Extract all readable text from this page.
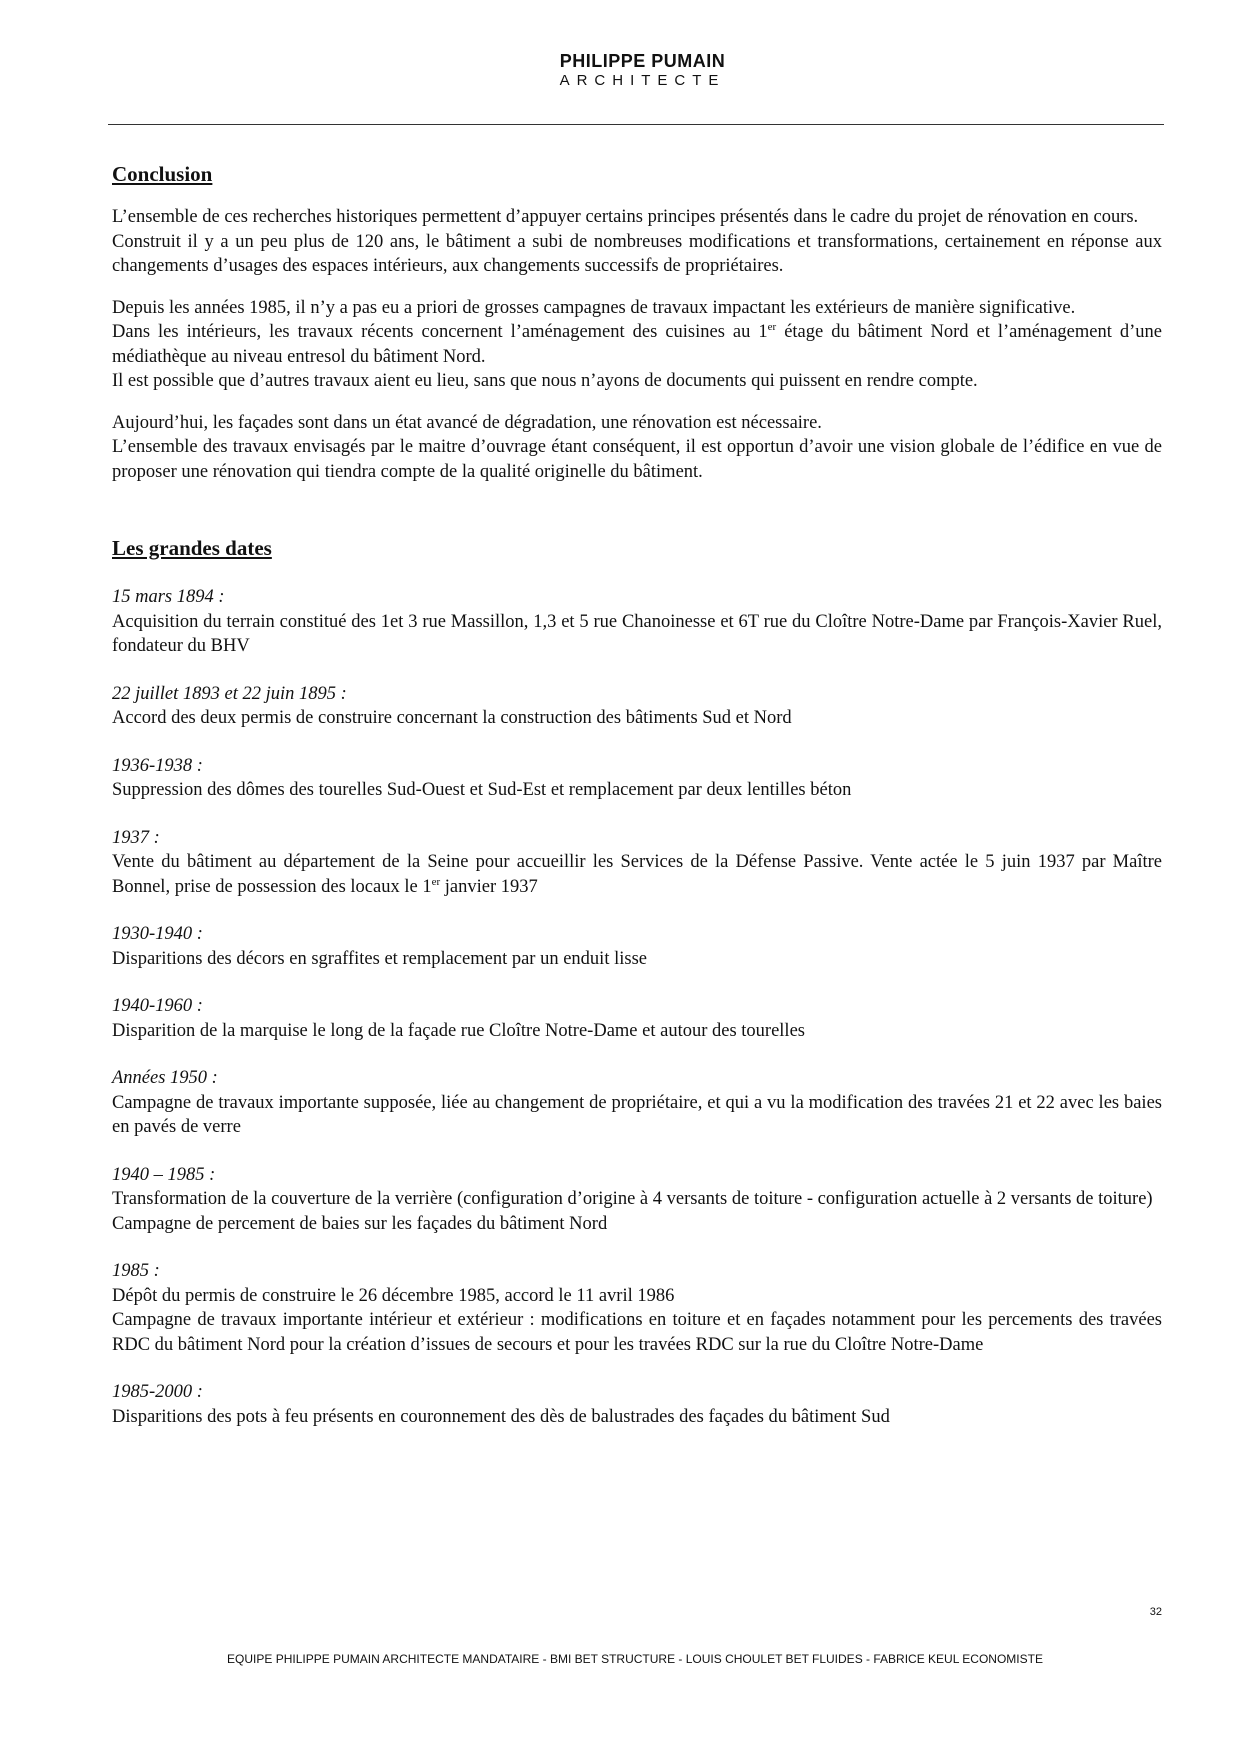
PHILIPPE PUMAIN
ARCHITECTE
Conclusion

L’ensemble de ces recherches historiques permettent d’appuyer certains principes présentés dans le cadre du projet de rénovation en cours.

Construit il y a un peu plus de 120 ans, le bâtiment a subi de nombreuses modifications et transformations, certainement en réponse aux changements d’usages des espaces intérieurs, aux changements successifs de propriétaires.

Depuis les années 1985, il n’y a pas eu a priori de grosses campagnes de travaux impactant les extérieurs de manière significative.

Dans les intérieurs, les travaux récents concernent l’aménagement des cuisines au 1er étage du bâtiment Nord et l’aménagement d’une médiathèque au niveau entresol du bâtiment Nord.

Il est possible que d’autres travaux aient eu lieu, sans que nous n’ayons de documents qui puissent en rendre compte.

Aujourd’hui, les façades sont dans un état avancé de dégradation, une rénovation est nécessaire.

L’ensemble des travaux envisagés par le maitre d’ouvrage étant conséquent, il est opportun d’avoir une vision globale de l’édifice en vue de proposer une rénovation qui tiendra compte de la qualité originelle du bâtiment.

Les grandes dates

15 mars 1894 :

Acquisition du terrain constitué des 1et 3 rue Massillon, 1,3 et 5 rue Chanoinesse et 6T rue du Cloître Notre-Dame par François-Xavier Ruel, fondateur du BHV

22 juillet 1893 et 22 juin 1895 :

Accord des deux permis de construire concernant la construction des bâtiments Sud et Nord

1936-1938 :

Suppression des dômes des tourelles Sud-Ouest et Sud-Est et remplacement par deux lentilles béton

1937 :

Vente du bâtiment au département de la Seine pour accueillir les Services de la Défense Passive. Vente actée le 5 juin 1937 par Maître Bonnel, prise de possession des locaux le 1er janvier 1937

1930-1940 :

Disparitions des décors en sgraffites et remplacement par un enduit lisse

1940-1960 :

Disparition de la marquise le long de la façade rue Cloître Notre-Dame et autour des tourelles

Années 1950 :

Campagne de travaux importante supposée, liée au changement de propriétaire, et qui a vu la modification des travées 21 et 22 avec les baies en pavés de verre

1940 – 1985 :

Transformation de la couverture de la verrière (configuration d’origine à 4 versants de toiture - configuration actuelle à 2 versants de toiture)

Campagne de percement de baies sur les façades du bâtiment Nord

1985 :

Dépôt du permis de construire le 26 décembre 1985, accord le 11 avril 1986

Campagne de travaux importante intérieur et extérieur : modifications en toiture et en façades notamment pour les percements des travées RDC du bâtiment Nord pour la création d’issues de secours et pour les travées RDC sur la rue du Cloître Notre-Dame

1985-2000 :

Disparitions des pots à feu présents en couronnement des dès de balustrades des façades du bâtiment Sud

32
EQUIPE PHILIPPE PUMAIN ARCHITECTE MANDATAIRE - BMI BET STRUCTURE - LOUIS CHOULET BET FLUIDES - FABRICE KEUL ECONOMISTE
